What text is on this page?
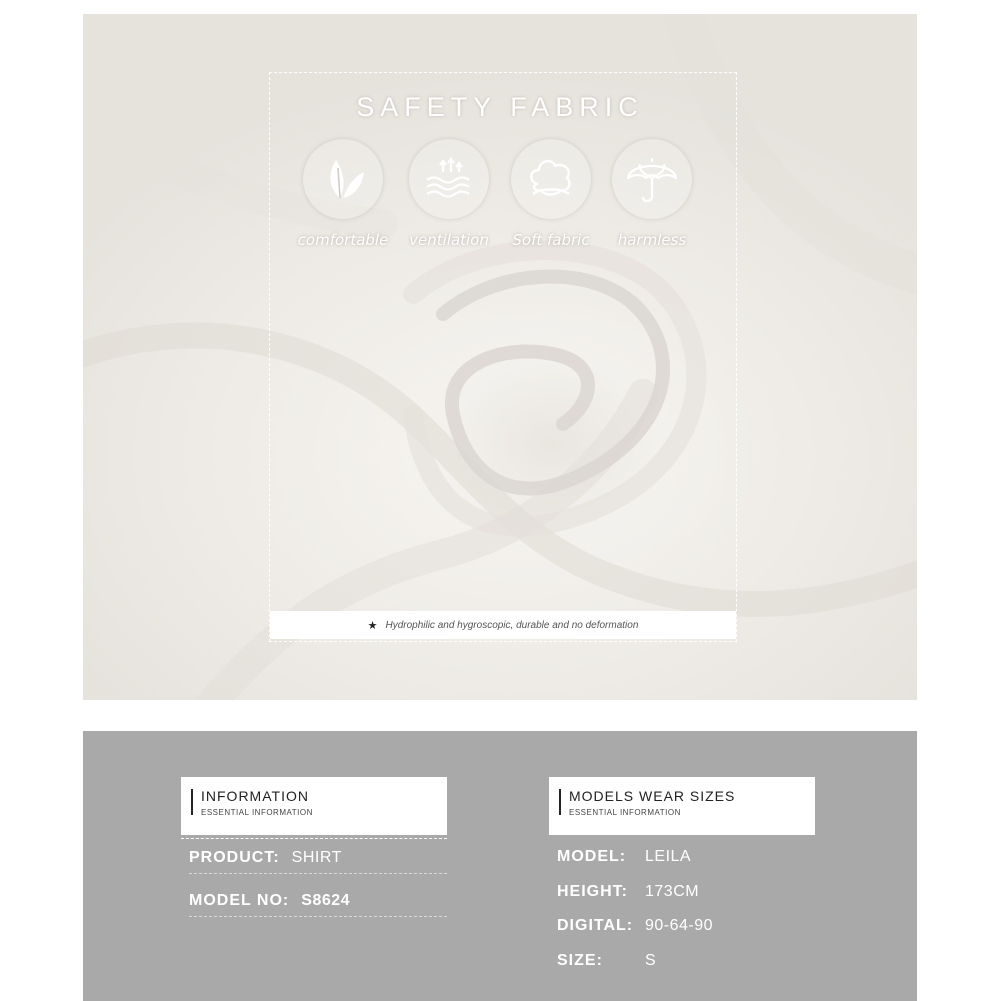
SAFETY FABRIC
comfortable	ventilation	Soft fabric	harmless
★ Hydrophilic and hygroscopic, durable and no deformation
INFORMATION
ESSENTIAL INFORMATION
PRODUCT: SHIRT
MODEL NO: S8624
MODELS WEAR SIZES
ESSENTIAL INFORMATION
MODEL: LEILA
HEIGHT: 173CM
DIGITAL: 90-64-90
SIZE:	S
